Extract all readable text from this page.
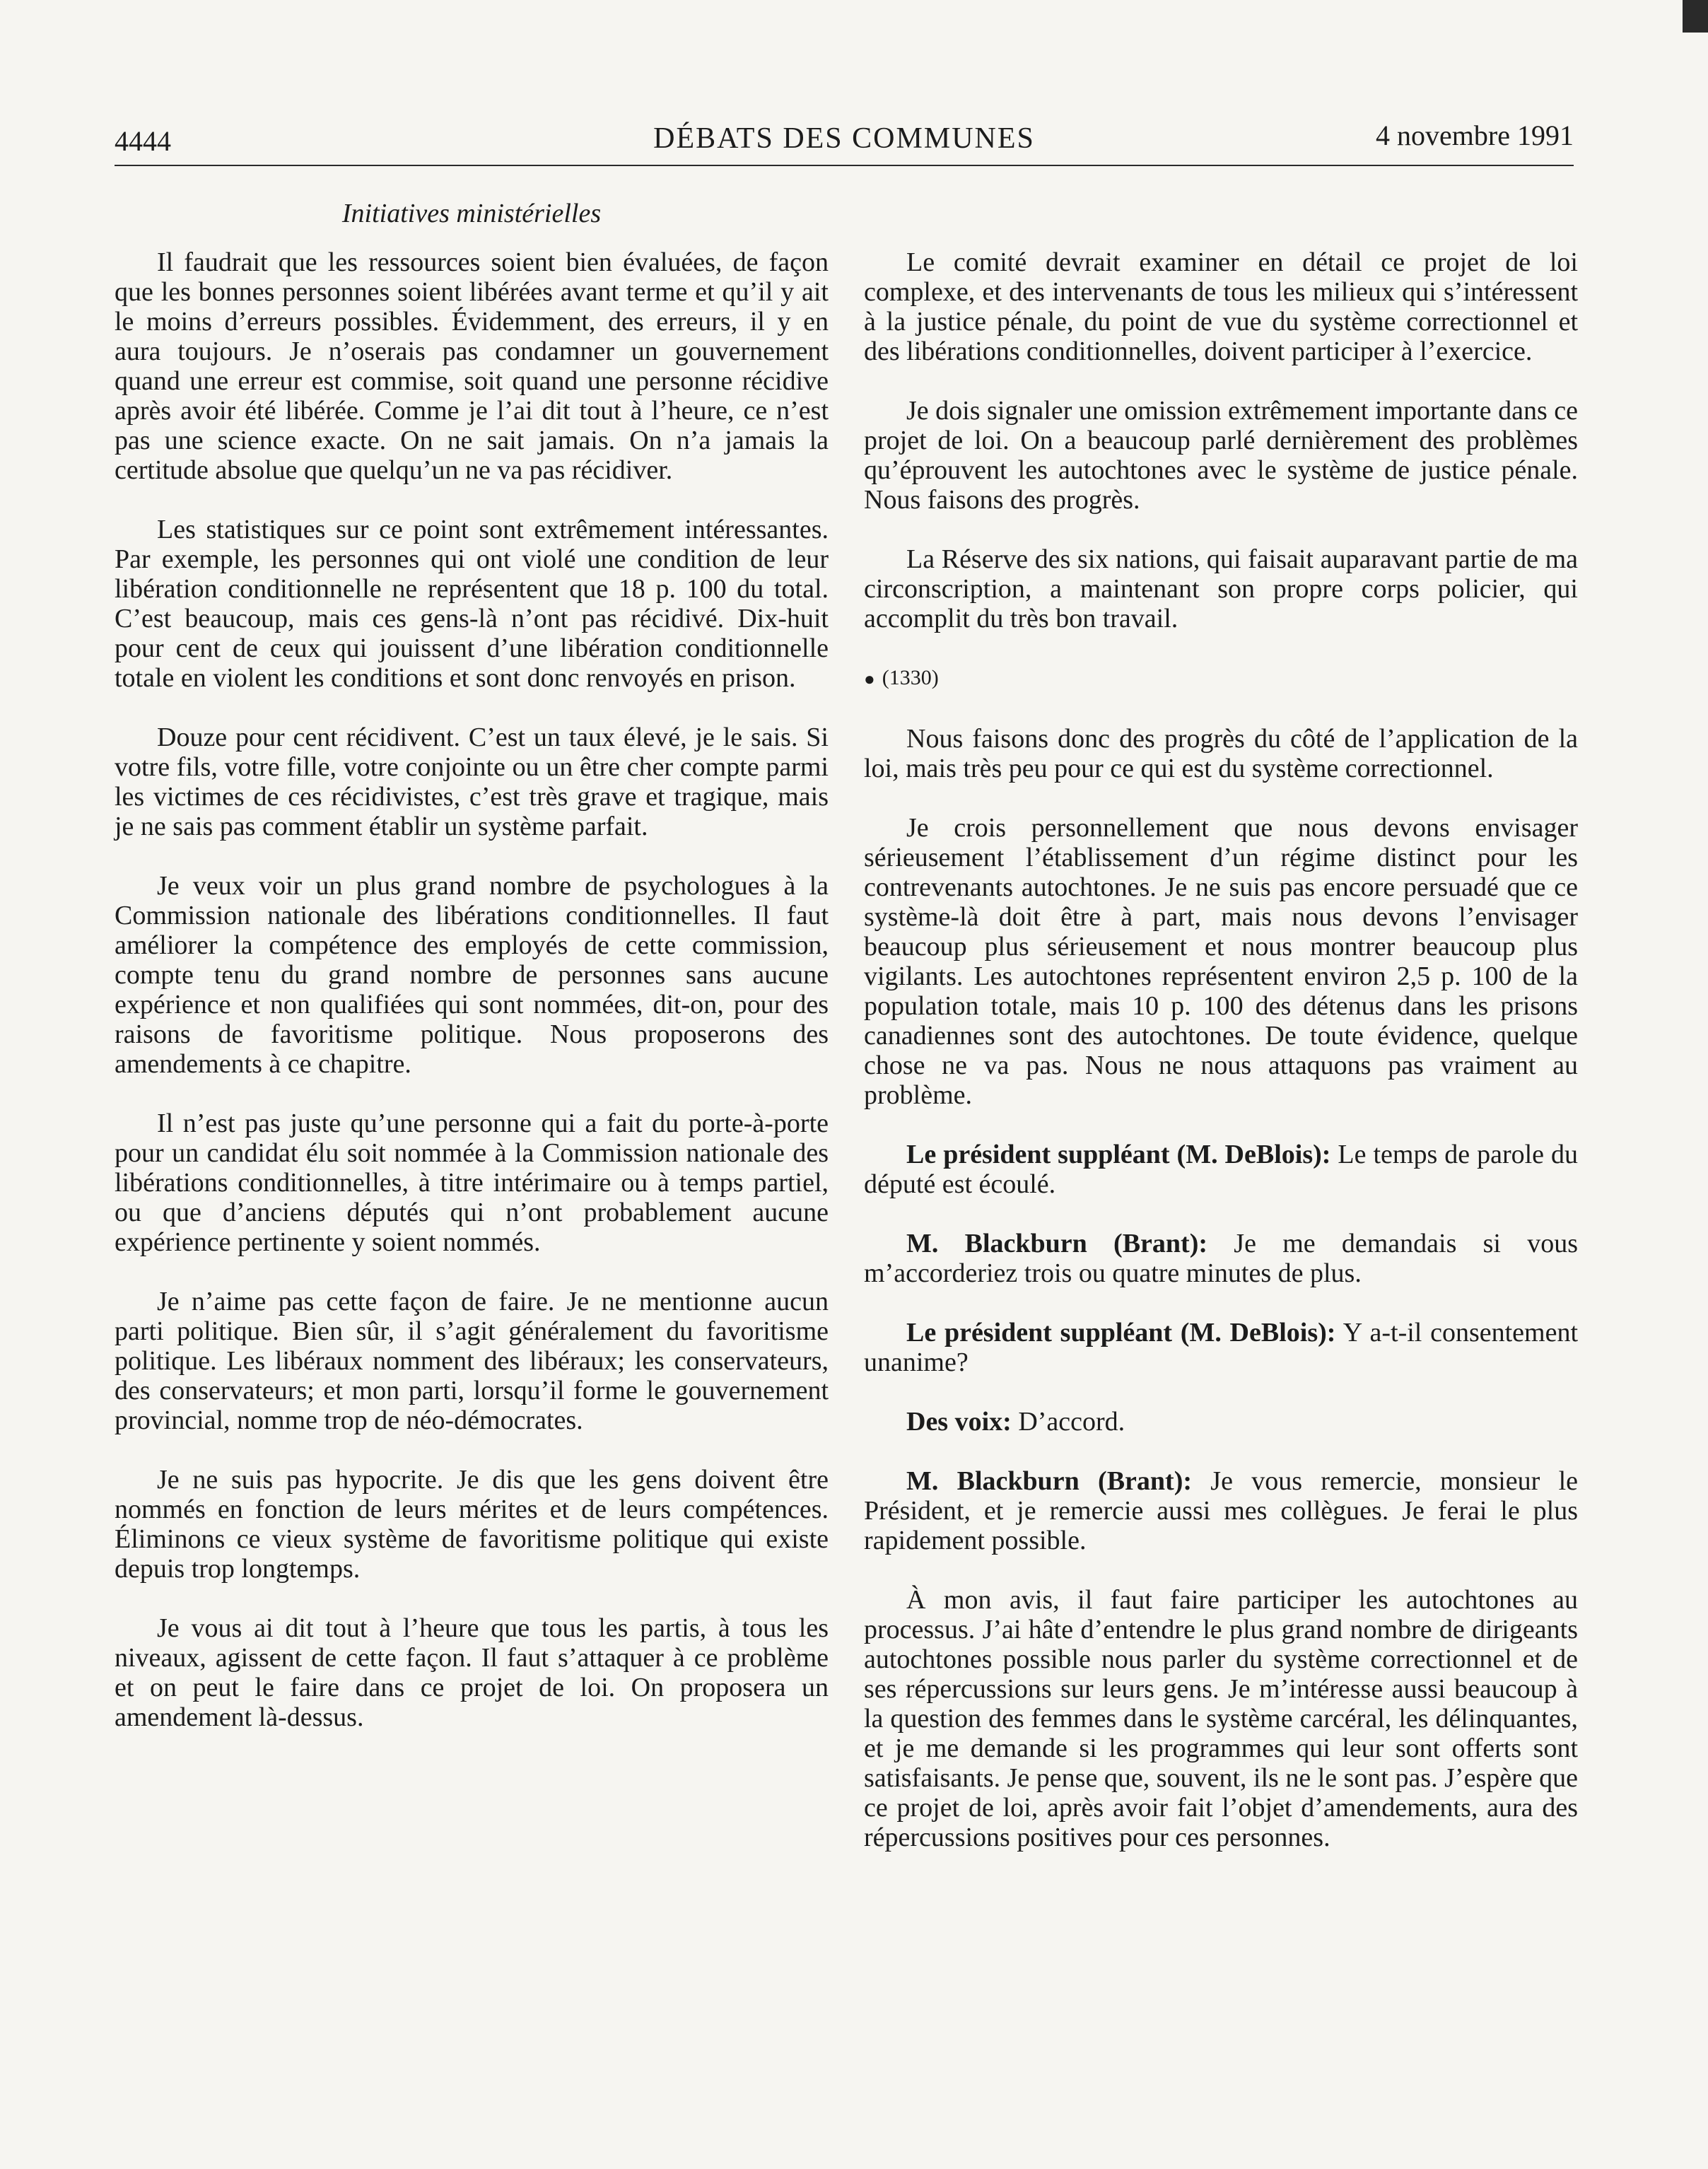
4444	DÉBATS DES COMMUNES	4 novembre 1991
Initiatives ministérielles

Il faudrait que les ressources soient bien évaluées, de façon que les bonnes personnes soient libérées avant terme et qu’il y ait le moins d’erreurs possibles. Évidemment, des erreurs, il y en aura toujours. Je n’oserais pas condamner un gouvernement quand une erreur est commise, soit quand une personne récidive après avoir été libérée. Comme je l’ai dit tout à l’heure, ce n’est pas une science exacte. On ne sait jamais. On n’a jamais la certitude absolue que quelqu’un ne va pas récidiver.

Les statistiques sur ce point sont extrêmement intéressantes. Par exemple, les personnes qui ont violé une condition de leur libération conditionnelle ne représentent que 18 p. 100 du total. C’est beaucoup, mais ces gens-là n’ont pas récidivé. Dix-huit pour cent de ceux qui jouissent d’une libération conditionnelle totale en violent les conditions et sont donc renvoyés en prison.

Douze pour cent récidivent. C’est un taux élevé, je le sais. Si votre fils, votre fille, votre conjointe ou un être cher compte parmi les victimes de ces récidivistes, c’est très grave et tragique, mais je ne sais pas comment établir un système parfait.

Je veux voir un plus grand nombre de psychologues à la Commission nationale des libérations conditionnelles. Il faut améliorer la compétence des employés de cette commission, compte tenu du grand nombre de personnes sans aucune expérience et non qualifiées qui sont nommées, dit-on, pour des raisons de favoritisme politique. Nous proposerons des amendements à ce chapitre.

Il n’est pas juste qu’une personne qui a fait du porte-à-porte pour un candidat élu soit nommée à la Commission nationale des libérations conditionnelles, à titre intérimaire ou à temps partiel, ou que d’anciens députés qui n’ont probablement aucune expérience pertinente y soient nommés.

Je n’aime pas cette façon de faire. Je ne mentionne aucun parti politique. Bien sûr, il s’agit généralement du favoritisme politique. Les libéraux nomment des libéraux; les conservateurs, des conservateurs; et mon parti, lorsqu’il forme le gouvernement provincial, nomme trop de néo-démocrates.

Je ne suis pas hypocrite. Je dis que les gens doivent être nommés en fonction de leurs mérites et de leurs compétences. Éliminons ce vieux système de favoritisme politique qui existe depuis trop longtemps.

Je vous ai dit tout à l’heure que tous les partis, à tous les niveaux, agissent de cette façon. Il faut s’attaquer à ce problème et on peut le faire dans ce projet de loi. On proposera un amendement là-dessus.

Le comité devrait examiner en détail ce projet de loi complexe, et des intervenants de tous les milieux qui s’intéressent à la justice pénale, du point de vue du système correctionnel et des libérations conditionnelles, doivent participer à l’exercice.

Je dois signaler une omission extrêmement importante dans ce projet de loi. On a beaucoup parlé dernièrement des problèmes qu’éprouvent les autochtones avec le système de justice pénale. Nous faisons des progrès.

La Réserve des six nations, qui faisait auparavant partie de ma circonscription, a maintenant son propre corps policier, qui accomplit du très bon travail.

● (1330)

Nous faisons donc des progrès du côté de l’application de la loi, mais très peu pour ce qui est du système correctionnel.

Je crois personnellement que nous devons envisager sérieusement l’établissement d’un régime distinct pour les contrevenants autochtones. Je ne suis pas encore persuadé que ce système-là doit être à part, mais nous devons l’envisager beaucoup plus sérieusement et nous montrer beaucoup plus vigilants. Les autochtones représentent environ 2,5 p. 100 de la population totale, mais 10 p. 100 des détenus dans les prisons canadiennes sont des autochtones. De toute évidence, quelque chose ne va pas. Nous ne nous attaquons pas vraiment au problème.

Le président suppléant (M. DeBlois): Le temps de parole du député est écoulé.

M. Blackburn (Brant): Je me demandais si vous m’accorderiez trois ou quatre minutes de plus.

Le président suppléant (M. DeBlois): Y a-t-il consentement unanime?

Des voix: D’accord.

M. Blackburn (Brant): Je vous remercie, monsieur le Président, et je remercie aussi mes collègues. Je ferai le plus rapidement possible.

À mon avis, il faut faire participer les autochtones au processus. J’ai hâte d’entendre le plus grand nombre de dirigeants autochtones possible nous parler du système correctionnel et de ses répercussions sur leurs gens. Je m’intéresse aussi beaucoup à la question des femmes dans le système carcéral, les délinquantes, et je me demande si les programmes qui leur sont offerts sont satisfaisants. Je pense que, souvent, ils ne le sont pas. J’espère que ce projet de loi, après avoir fait l’objet d’amendements, aura des répercussions positives pour ces personnes.
